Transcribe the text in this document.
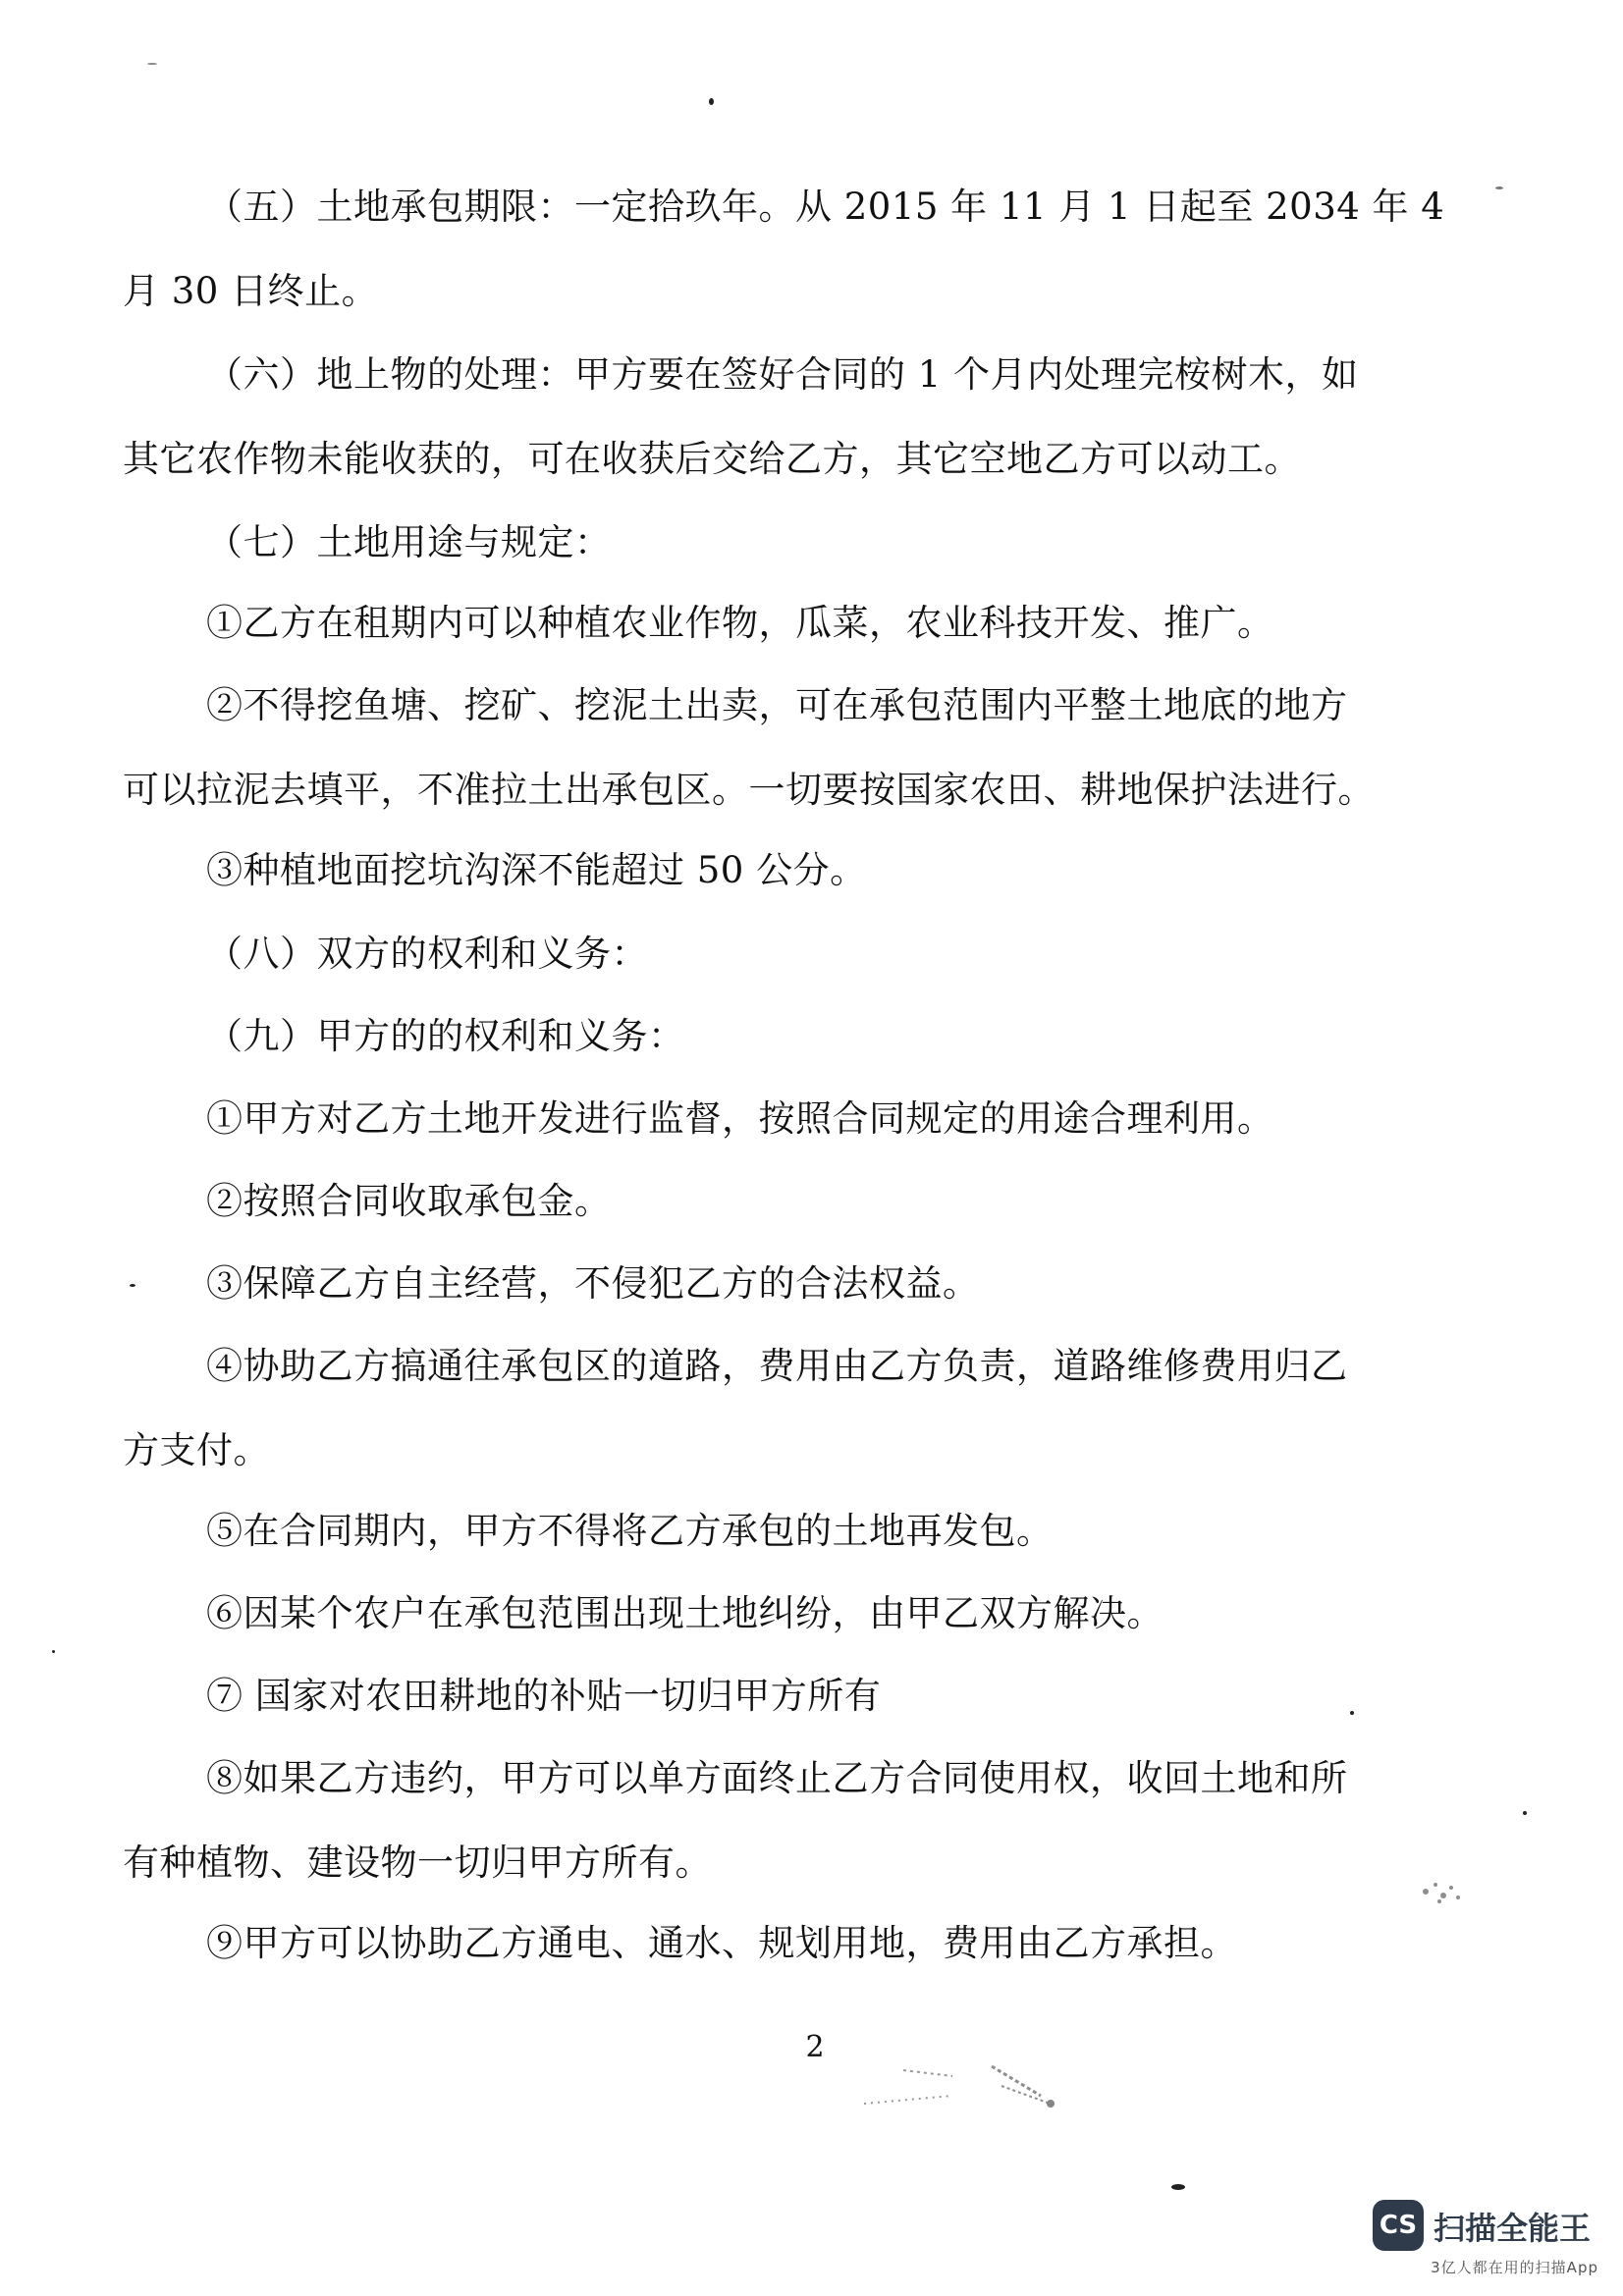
（五）土地承包期限：一定拾玖年。从 2015 年 11 月 1 日起至 2034 年 4
月 30 日终止。
（六）地上物的处理：甲方要在签好合同的 1 个月内处理完桉树木，如
其它农作物未能收获的，可在收获后交给乙方，其它空地乙方可以动工。
（七）土地用途与规定：
①乙方在租期内可以种植农业作物，瓜菜，农业科技开发、推广。
②不得挖鱼塘、挖矿、挖泥土出卖，可在承包范围内平整土地底的地方
可以拉泥去填平，不准拉土出承包区。一切要按国家农田、耕地保护法进行。
③种植地面挖坑沟深不能超过 50 公分。
（八）双方的权利和义务：
（九）甲方的的权利和义务：
①甲方对乙方土地开发进行监督，按照合同规定的用途合理利用。
②按照合同收取承包金。
③保障乙方自主经营，不侵犯乙方的合法权益。
④协助乙方搞通往承包区的道路，费用由乙方负责，道路维修费用归乙
方支付。
⑤在合同期内，甲方不得将乙方承包的土地再发包。
⑥因某个农户在承包范围出现土地纠纷，由甲乙双方解决。
⑦ 国家对农田耕地的补贴一切归甲方所有
⑧如果乙方违约，甲方可以单方面终止乙方合同使用权，收回土地和所
有种植物、建设物一切归甲方所有。
⑨甲方可以协助乙方通电、通水、规划用地，费用由乙方承担。
2
CS 扫描全能王
3亿人都在用的扫描App
